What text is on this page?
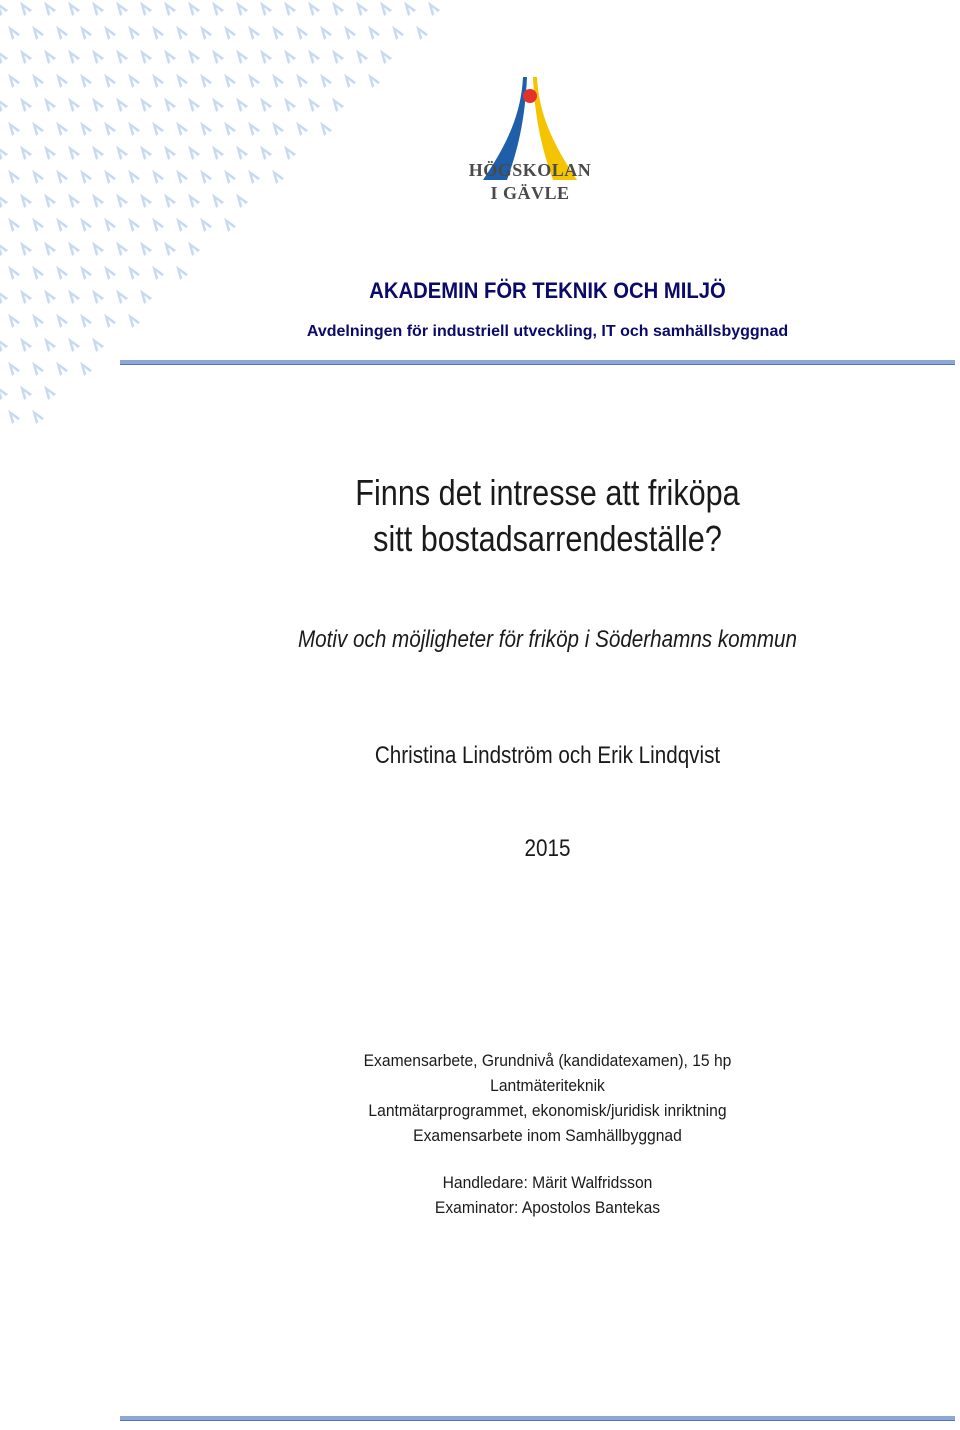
HÖGSKOLAN
I GÄVLE
AKADEMIN FÖR TEKNIK OCH MILJÖ
Avdelningen för industriell utveckling, IT och samhällsbyggnad
Finns det intresse att friköpa
sitt bostadsarrendeställe?
Motiv och möjligheter för friköp i Söderhamns kommun
Christina Lindström och Erik Lindqvist
2015
Examensarbete, Grundnivå (kandidatexamen), 15 hp
Lantmäteriteknik
Lantmätarprogrammet, ekonomisk/juridisk inriktning
Examensarbete inom Samhällbyggnad
Handledare: Märit Walfridsson
Examinator: Apostolos Bantekas
